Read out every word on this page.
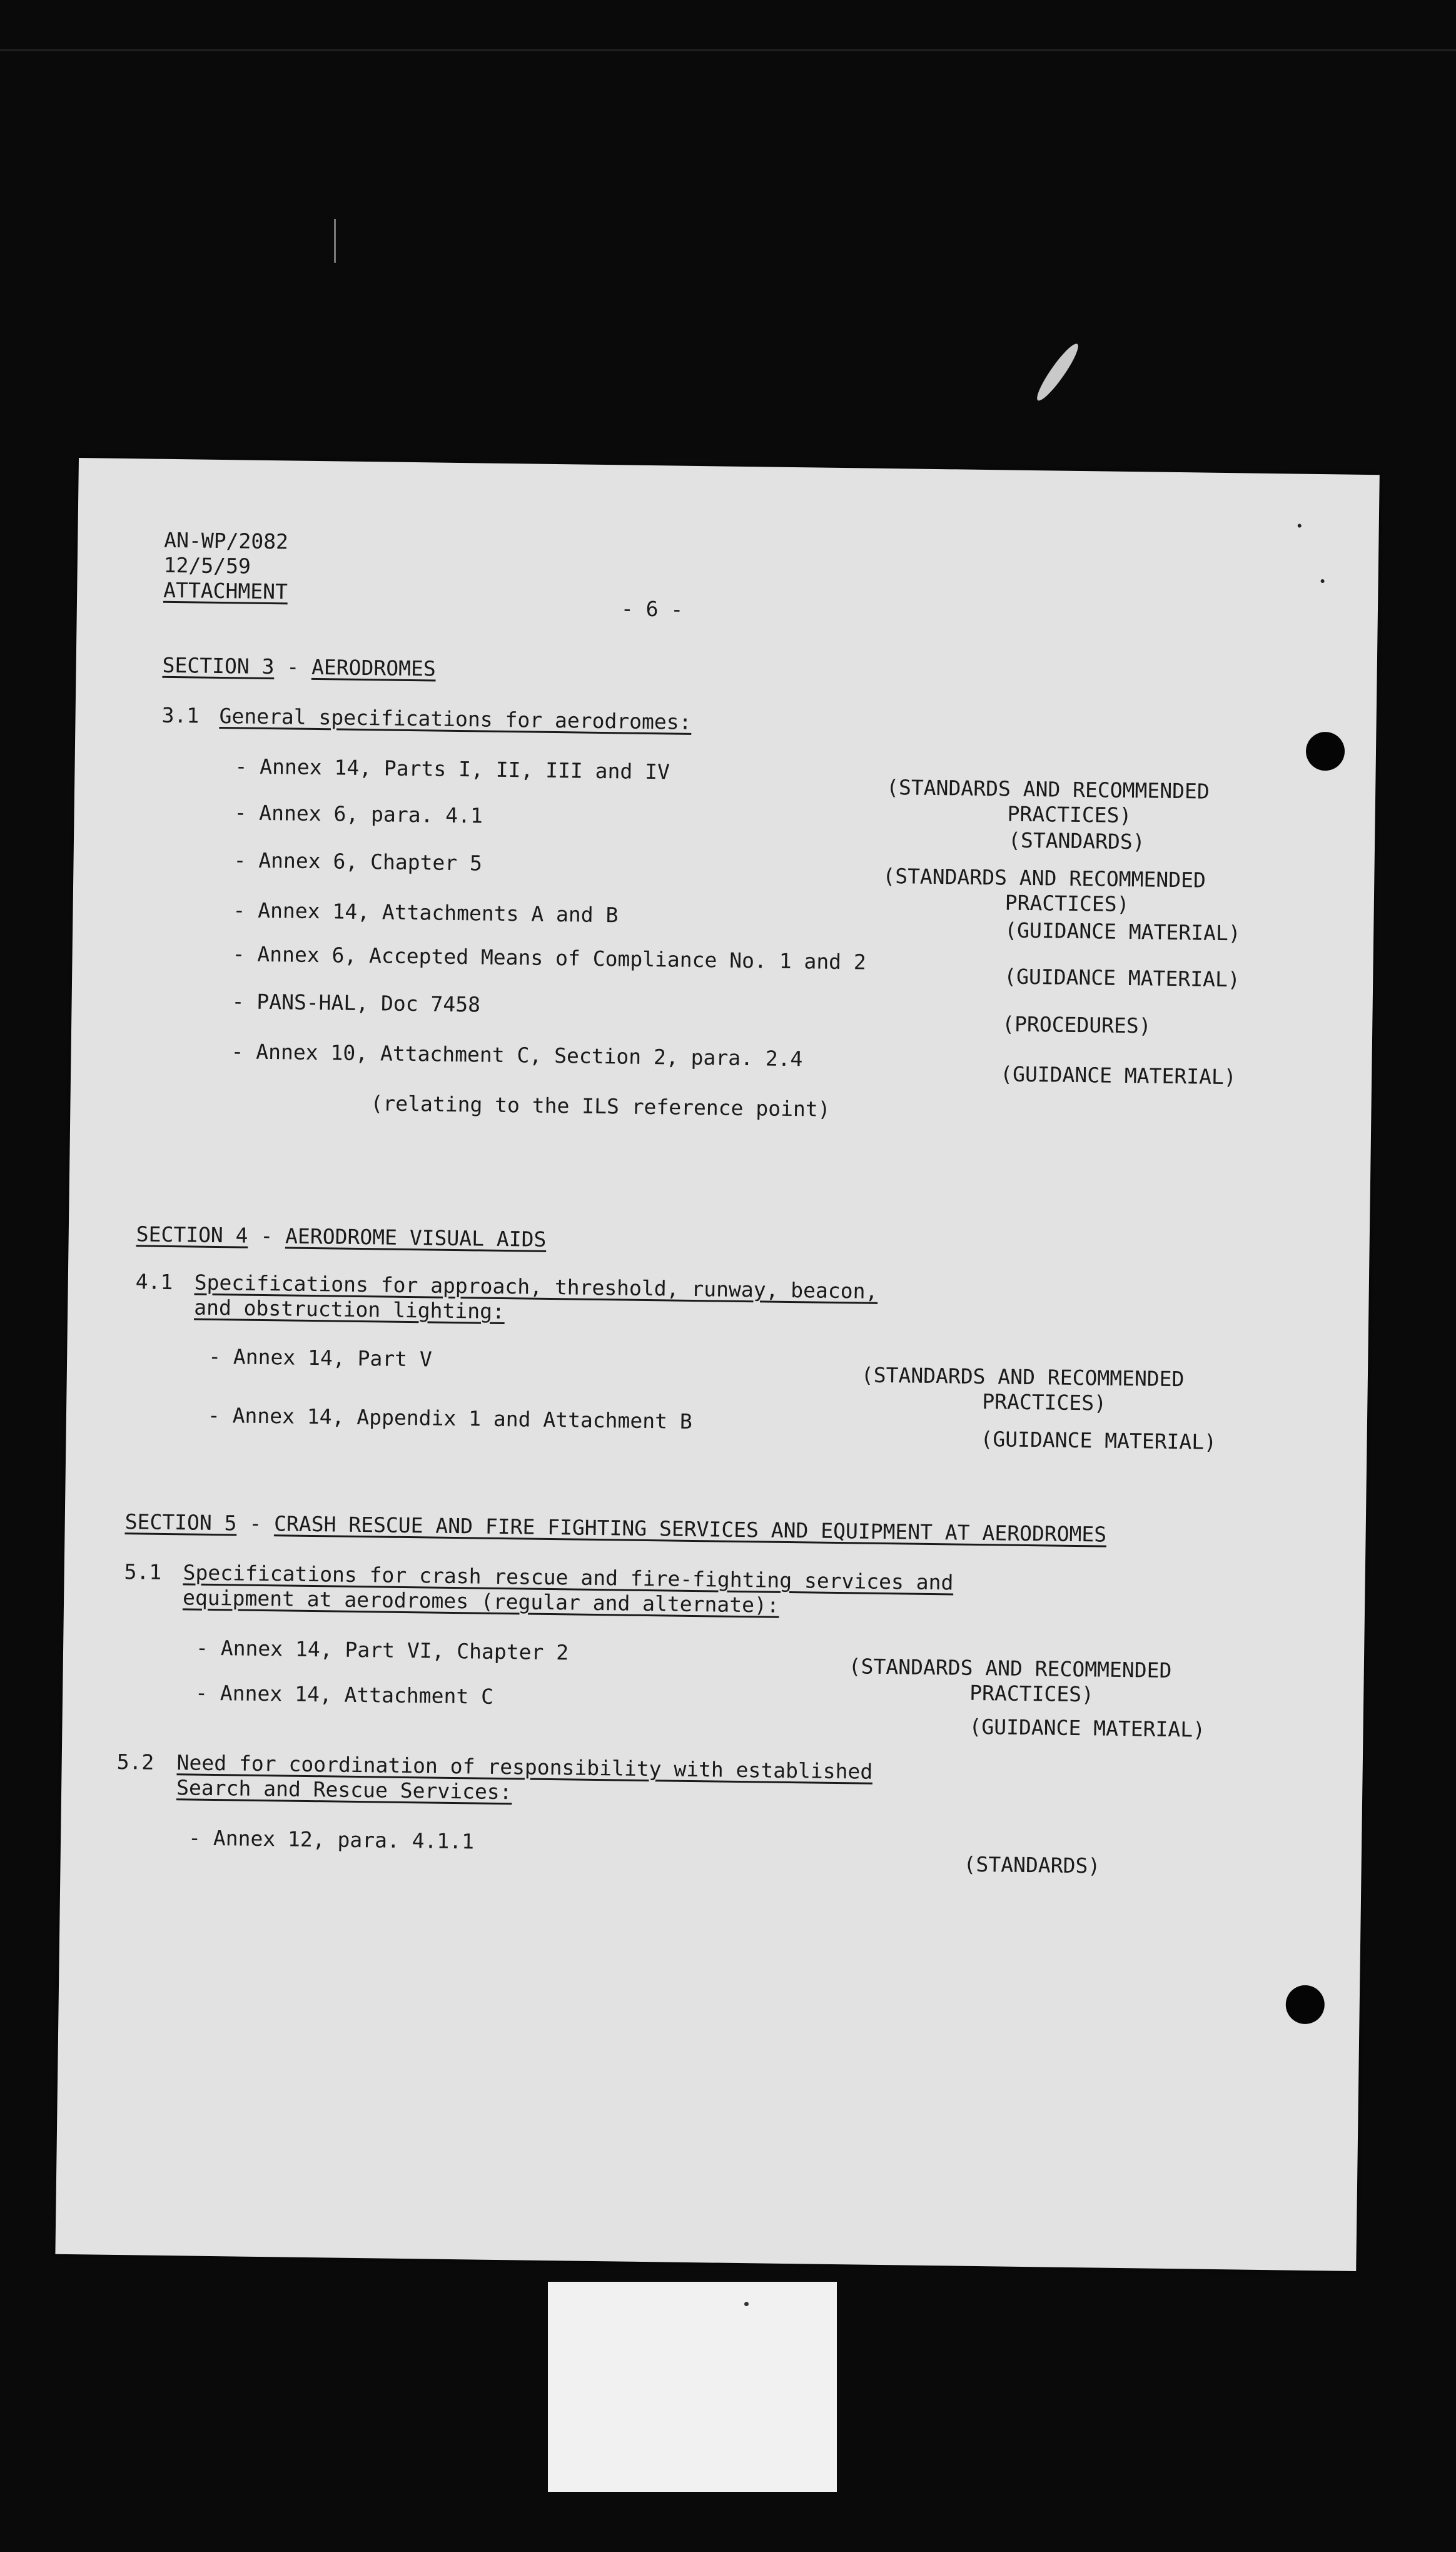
AN-WP/2082
12/5/59
ATTACHMENT
- 6 -
SECTION 3 - AERODROMES
3.1 General specifications for aerodromes:
- Annex 14, Parts I, II, III and IV
- Annex 6, para. 4.1
- Annex 6, Chapter 5
- Annex 14, Attachments A and B
- Annex 6, Accepted Means of Compliance No. 1 and 2
- PANS-HAL, Doc 7458
- Annex 10, Attachment C, Section 2, para. 2.4
(relating to the ILS reference point)
(STANDARDS AND RECOMMENDED
PRACTICES)
(STANDARDS)
(STANDARDS AND RECOMMENDED
PRACTICES)
(GUIDANCE MATERIAL)
(GUIDANCE MATERIAL)
(PROCEDURES)
(GUIDANCE MATERIAL)
SECTION 4 - AERODROME VISUAL AIDS
4.1 Specifications for approach, threshold, runway, beacon,
and obstruction lighting:
- Annex 14, Part V
- Annex 14, Appendix 1 and Attachment B
(STANDARDS AND RECOMMENDED
PRACTICES)
(GUIDANCE MATERIAL)
SECTION 5 - CRASH RESCUE AND FIRE FIGHTING SERVICES AND EQUIPMENT AT AERODROMES
5.1 Specifications for crash rescue and fire-fighting services and
equipment at aerodromes (regular and alternate):
- Annex 14, Part VI, Chapter 2
- Annex 14, Attachment C
(STANDARDS AND RECOMMENDED
PRACTICES)
(GUIDANCE MATERIAL)
5.2 Need for coordination of responsibility with established
Search and Rescue Services:
- Annex 12, para. 4.1.1
(STANDARDS)
